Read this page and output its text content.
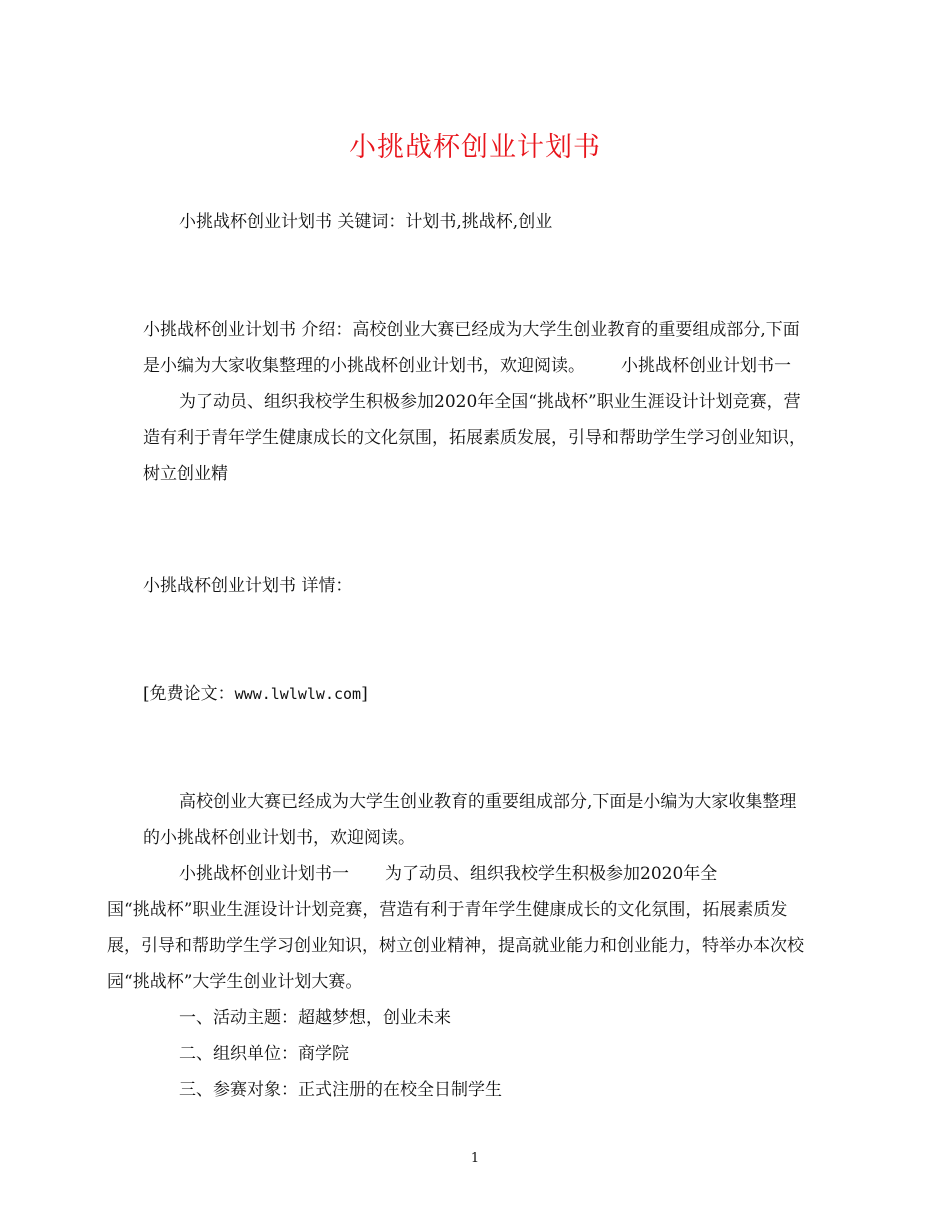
小挑战杯创业计划书
小挑战杯创业计划书 关键词：计划书,挑战杯,创业
小挑战杯创业计划书 介绍：高校创业大赛已经成为大学生创业教育的重要组成部分,下面是小编为大家收集整理的小挑战杯创业计划书，欢迎阅读。 小挑战杯创业计划书一为了动员、组织我校学生积极参加2020年全国“挑战杯”职业生涯设计计划竞赛，营造有利于青年学生健康成长的文化氛围，拓展素质发展，引导和帮助学生学习创业知识，树立创业精
小挑战杯创业计划书 详情：
[免费论文：www.lwlwlw.com]

高校创业大赛已经成为大学生创业教育的重要组成部分,下面是小编为大家收集整理的小挑战杯创业计划书，欢迎阅读。

小挑战杯创业计划书一 为了动员、组织我校学生积极参加2020年全
国“挑战杯”职业生涯设计计划竞赛，营造有利于青年学生健康成长的文化氛围，拓展素质发展，引导和帮助学生学习创业知识，树立创业精神，提高就业能力和创业能力，特举办本次校园“挑战杯”大学生创业计划大赛。

一、活动主题：超越梦想，创业未来

二、组织单位：商学院

三、参赛对象：正式注册的在校全日制学生

1
